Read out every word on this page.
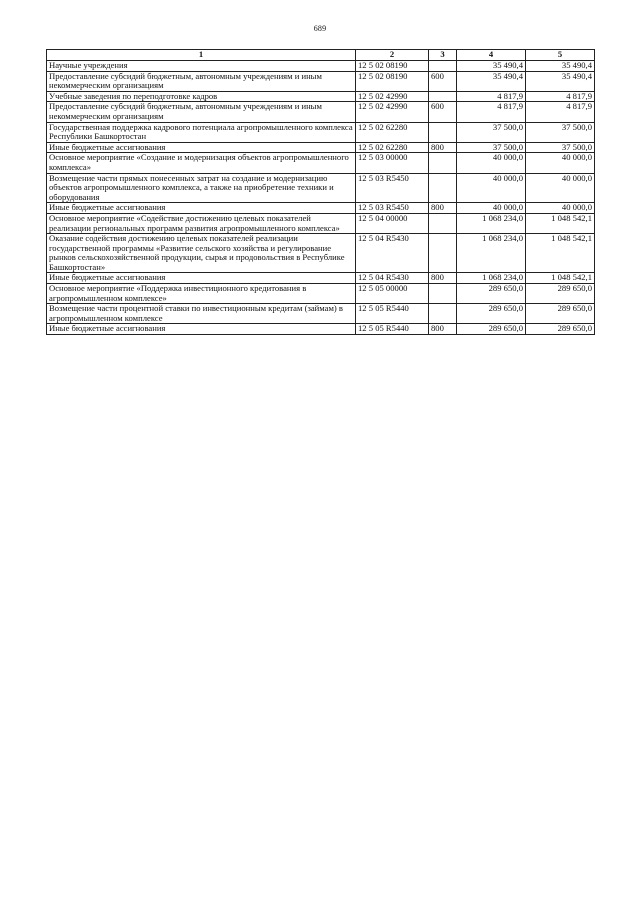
689
1	2	3	4	5
Научные учреждения	12 5 02 08190		35 490,4	35 490,4
Предоставление субсидий бюджетным, автономным учреждениям и иным некоммерческим организациям	12 5 02 08190	600	35 490,4	35 490,4
Учебные заведения по переподготовке кадров	12 5 02 42990		4 817,9	4 817,9
Предоставление субсидий бюджетным, автономным учреждениям и иным некоммерческим организациям	12 5 02 42990	600	4 817,9	4 817,9
Государственная поддержка кадрового потенциала агропромышленного комплекса Республики Башкортостан	12 5 02 62280		37 500,0	37 500,0
Иные бюджетные ассигнования	12 5 02 62280	800	37 500,0	37 500,0
Основное мероприятие «Создание и модернизация объектов агропромышленного комплекса»	12 5 03 00000		40 000,0	40 000,0
Возмещение части прямых понесенных затрат на создание и модернизацию объектов агропромышленного комплекса, а также на приобретение техники и оборудования	12 5 03 R5450		40 000,0	40 000,0
Иные бюджетные ассигнования	12 5 03 R5450	800	40 000,0	40 000,0
Основное мероприятие «Содействие достижению целевых показателей реализации региональных программ развития агропромышленного комплекса»	12 5 04 00000		1 068 234,0	1 048 542,1
Оказание содействия достижению целевых показателей реализации государственной программы «Развитие сельского хозяйства и регулирование рынков сельскохозяйственной продукции, сырья и продовольствия в Республике Башкортостан»	12 5 04 R5430		1 068 234,0	1 048 542,1
Иные бюджетные ассигнования	12 5 04 R5430	800	1 068 234,0	1 048 542,1
Основное мероприятие «Поддержка инвестиционного кредитования в агропромышленном комплексе»	12 5 05 00000		289 650,0	289 650,0
Возмещение части процентной ставки по инвестиционным кредитам (займам) в агропромышленном комплексе	12 5 05 R5440		289 650,0	289 650,0
Иные бюджетные ассигнования	12 5 05 R5440	800	289 650,0	289 650,0
